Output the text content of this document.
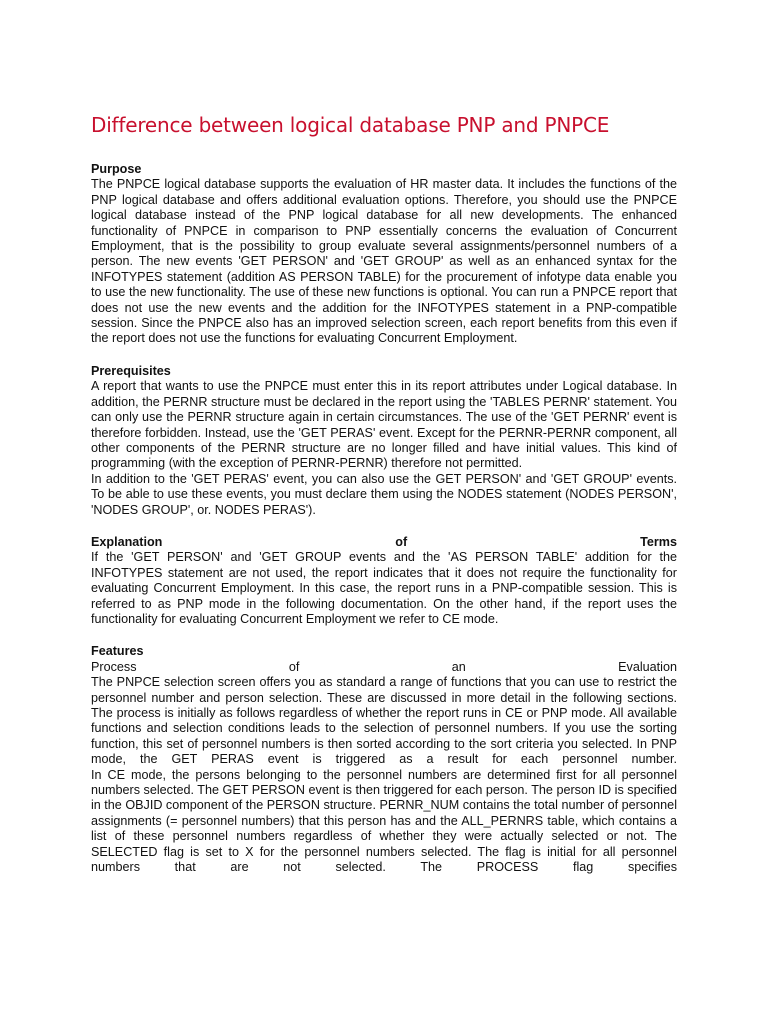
Difference between logical database PNP and PNPCE
Purpose

The PNPCE logical database supports the evaluation of HR master data. It includes the functions of the PNP logical database and offers additional evaluation options. Therefore, you should use the PNPCE logical database instead of the PNP logical database for all new developments. The enhanced functionality of PNPCE in comparison to PNP essentially concerns the evaluation of Concurrent Employment, that is the possibility to group evaluate several assignments/personnel numbers of a person. The new events 'GET PERSON' and 'GET GROUP' as well as an enhanced syntax for the INFOTYPES statement (addition AS PERSON TABLE) for the procurement of infotype data enable you to use the new functionality. The use of these new functions is optional. You can run a PNPCE report that does not use the new events and the addition for the INFOTYPES statement in a PNP-compatible session. Since the PNPCE also has an improved selection screen, each report benefits from this even if the report does not use the functions for evaluating Concurrent Employment.

Prerequisites

A report that wants to use the PNPCE must enter this in its report attributes under Logical database. In addition, the PERNR structure must be declared in the report using the 'TABLES PERNR' statement. You can only use the PERNR structure again in certain circumstances. The use of the 'GET PERNR' event is therefore forbidden. Instead, use the 'GET PERAS' event. Except for the PERNR-PERNR component, all other components of the PERNR structure are no longer filled and have initial values. This kind of programming (with the exception of PERNR-PERNR) therefore not permitted.

In addition to the 'GET PERAS' event, you can also use the GET PERSON' and 'GET GROUP' events. To be able to use these events, you must declare them using the NODES statement (NODES PERSON', 'NODES GROUP', or. NODES PERAS').

Explanation	of	Terms

If the 'GET PERSON' and 'GET GROUP events and the 'AS PERSON TABLE' addition for the INFOTYPES statement are not used, the report indicates that it does not require the functionality for evaluating Concurrent Employment. In this case, the report runs in a PNP-compatible session. This is referred to as PNP mode in the following documentation. On the other hand, if the report uses the functionality for evaluating Concurrent Employment we refer to CE mode.

Features
Process	of	an	Evaluation

The PNPCE selection screen offers you as standard a range of functions that you can use to restrict the personnel number and person selection. These are discussed in more detail in the following sections. The process is initially as follows regardless of whether the report runs in CE or PNP mode. All available functions and selection conditions leads to the selection of personnel numbers. If you use the sorting function, this set of personnel numbers is then sorted according to the sort criteria you selected. In PNP mode, the GET PERAS event is triggered as a result for each personnel number.

In CE mode, the persons belonging to the personnel numbers are determined first for all personnel numbers selected. The GET PERSON event is then triggered for each person. The person ID is specified in the OBJID component of the PERSON structure. PERNR_NUM contains the total number of personnel assignments (= personnel numbers) that this person has and the ALL_PERNRS table, which contains a list of these personnel numbers regardless of whether they were actually selected or not. The SELECTED flag is set to X for the personnel numbers selected. The flag is initial for all personnel numbers that are not selected. The PROCESS flag specifies
